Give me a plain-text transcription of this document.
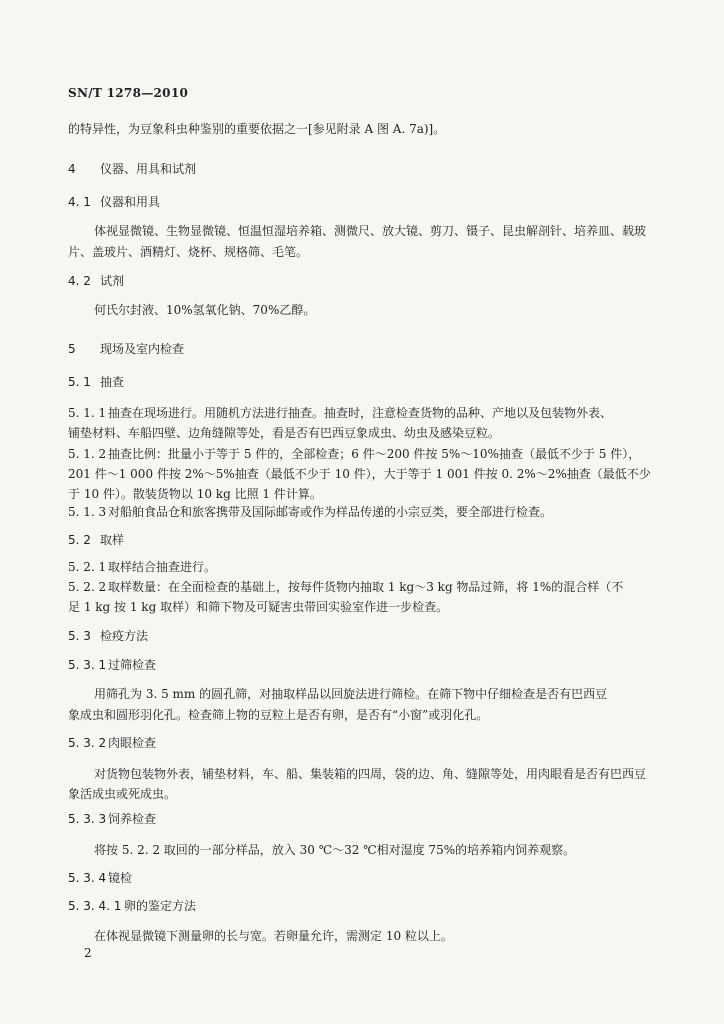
SN/T 1278—2010
的特异性，为豆象科虫种鉴别的重要依据之一[参见附录 A 图 A. 7a)]。
4 仪器、用具和试剂
4. 1 仪器和用具
体视显微镜、生物显微镜、恒温恒湿培养箱、测微尺、放大镜、剪刀、镊子、昆虫解剖针、培养皿、载玻
片、盖玻片、酒精灯、烧杯、规格筛、毛笔。
4. 2 试剂
何氏尔封液、10%氢氧化钠、70%乙醇。
5 现场及室内检查
5. 1 抽查
5. 1. 1 抽查在现场进行。用随机方法进行抽查。抽查时，注意检查货物的品种、产地以及包装物外表、
铺垫材料、车船四壁、边角缝隙等处，看是否有巴西豆象成虫、幼虫及感染豆粒。
5. 1. 2 抽查比例：批量小于等于 5 件的，全部检查；6 件～200 件按 5%～10%抽查（最低不少于 5 件），
201 件～1 000 件按 2%～5%抽查（最低不少于 10 件），大于等于 1 001 件按 0. 2%～2%抽查（最低不少
于 10 件）。散装货物以 10 kg 比照 1 件计算。
5. 1. 3 对船舶食品仓和旅客携带及国际邮寄或作为样品传递的小宗豆类，要全部进行检查。
5. 2 取样
5. 2. 1 取样结合抽查进行。
5. 2. 2 取样数量：在全面检查的基础上，按每件货物内抽取 1 kg～3 kg 物品过筛，将 1%的混合样（不
足 1 kg 按 1 kg 取样）和筛下物及可疑害虫带回实验室作进一步检查。
5. 3 检疫方法
5. 3. 1 过筛检查
用筛孔为 3. 5 mm 的圆孔筛，对抽取样品以回旋法进行筛检。在筛下物中仔细检查是否有巴西豆
象成虫和圆形羽化孔。检查筛上物的豆粒上是否有卵，是否有“小窗”或羽化孔。
5. 3. 2 肉眼检查
对货物包装物外表，铺垫材料，车、船、集装箱的四周，袋的边、角、缝隙等处，用肉眼看是否有巴西豆
象活成虫或死成虫。
5. 3. 3 饲养检查
将按 5. 2. 2 取回的一部分样品，放入 30 ℃～32 ℃相对湿度 75%的培养箱内饲养观察。
5. 3. 4 镜检
5. 3. 4. 1 卵的鉴定方法
在体视显微镜下测量卵的长与宽。若卵量允许，需测定 10 粒以上。
2
